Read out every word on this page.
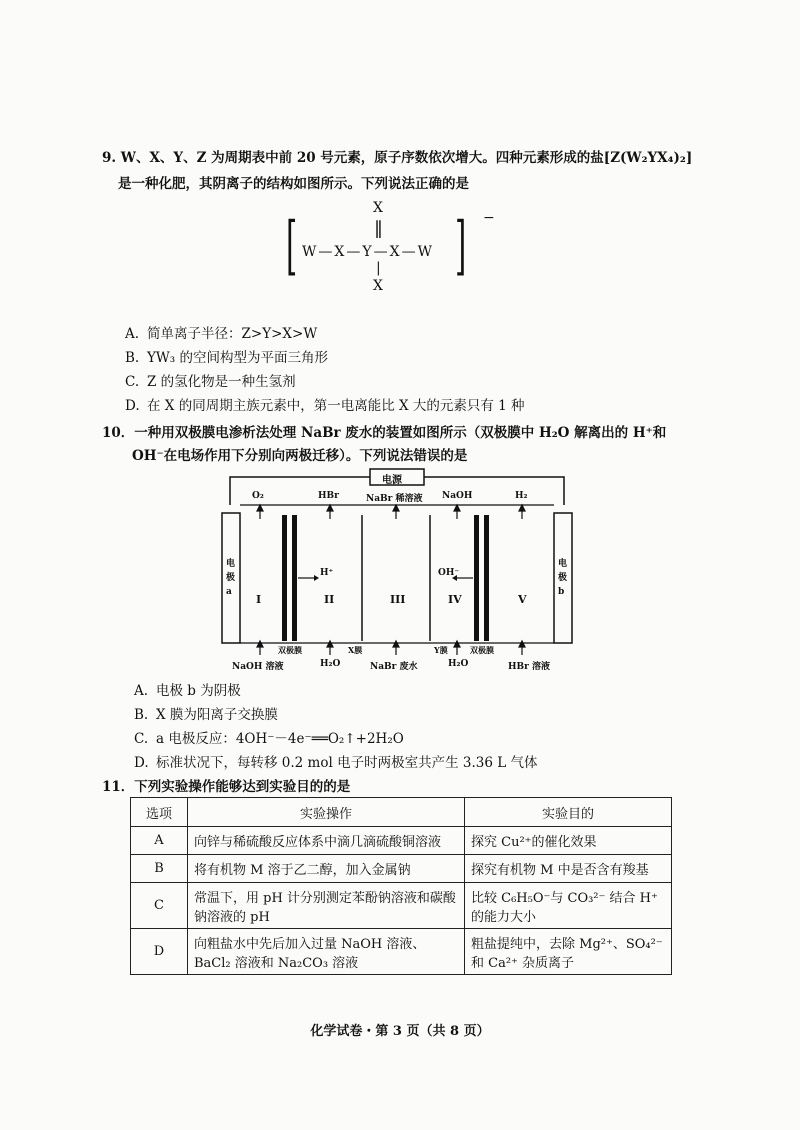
9. W、X、Y、Z 为周期表中前 20 号元素，原子序数依次增大。四种元素形成的盐[Z(W₂YX₄)₂]
是一种化肥，其阴离子的结构如图所示。下列说法正确的是
[
X
‖
W—X—Y—X—W
|
X
] −
A. 简单离子半径：Z>Y>X>W
B. YW₃ 的空间构型为平面三角形
C. Z 的氢化物是一种生氢剂
D. 在 X 的同周期主族元素中，第一电离能比 X 大的元素只有 1 种
10．一种用双极膜电渗析法处理 NaBr 废水的装置如图所示（双极膜中 H₂O 解离出的 H⁺和
OH⁻在电场作用下分别向两极迁移）。下列说法错误的是
电源
O₂	HBr	NaBr 稀溶液 NaOH	H₂
电极a
电极b
I	II	III	IV	V
H⁺	OH⁻
双极膜	X膜	Y膜	双极膜
NaOH 溶液	H₂O	NaBr 废水	H₂O	HBr 溶液
A. 电极 b 为阴极
B. X 膜为阳离子交换膜
C. a 电极反应：4OH⁻－4e⁻══O₂↑+2H₂O
D. 标准状况下，每转移 0.2 mol 电子时两极室共产生 3.36 L 气体
11．下列实验操作能够达到实验目的的是
选项	实验操作	实验目的
A	向锌与稀硫酸反应体系中滴几滴硫酸铜溶液	探究 Cu²⁺的催化效果
B	将有机物 M 溶于乙二醇，加入金属钠	探究有机物 M 中是否含有羧基
C	常温下，用 pH 计分别测定苯酚钠溶液和碳酸钠溶液的 pH	比较 C₆H₅O⁻与 CO₃²⁻ 结合 H⁺的能力大小
D	向粗盐水中先后加入过量 NaOH 溶液、BaCl₂ 溶液和 Na₂CO₃ 溶液	粗盐提纯中，去除 Mg²⁺、SO₄²⁻ 和 Ca²⁺ 杂质离子
化学试卷・第 3 页（共 8 页）
